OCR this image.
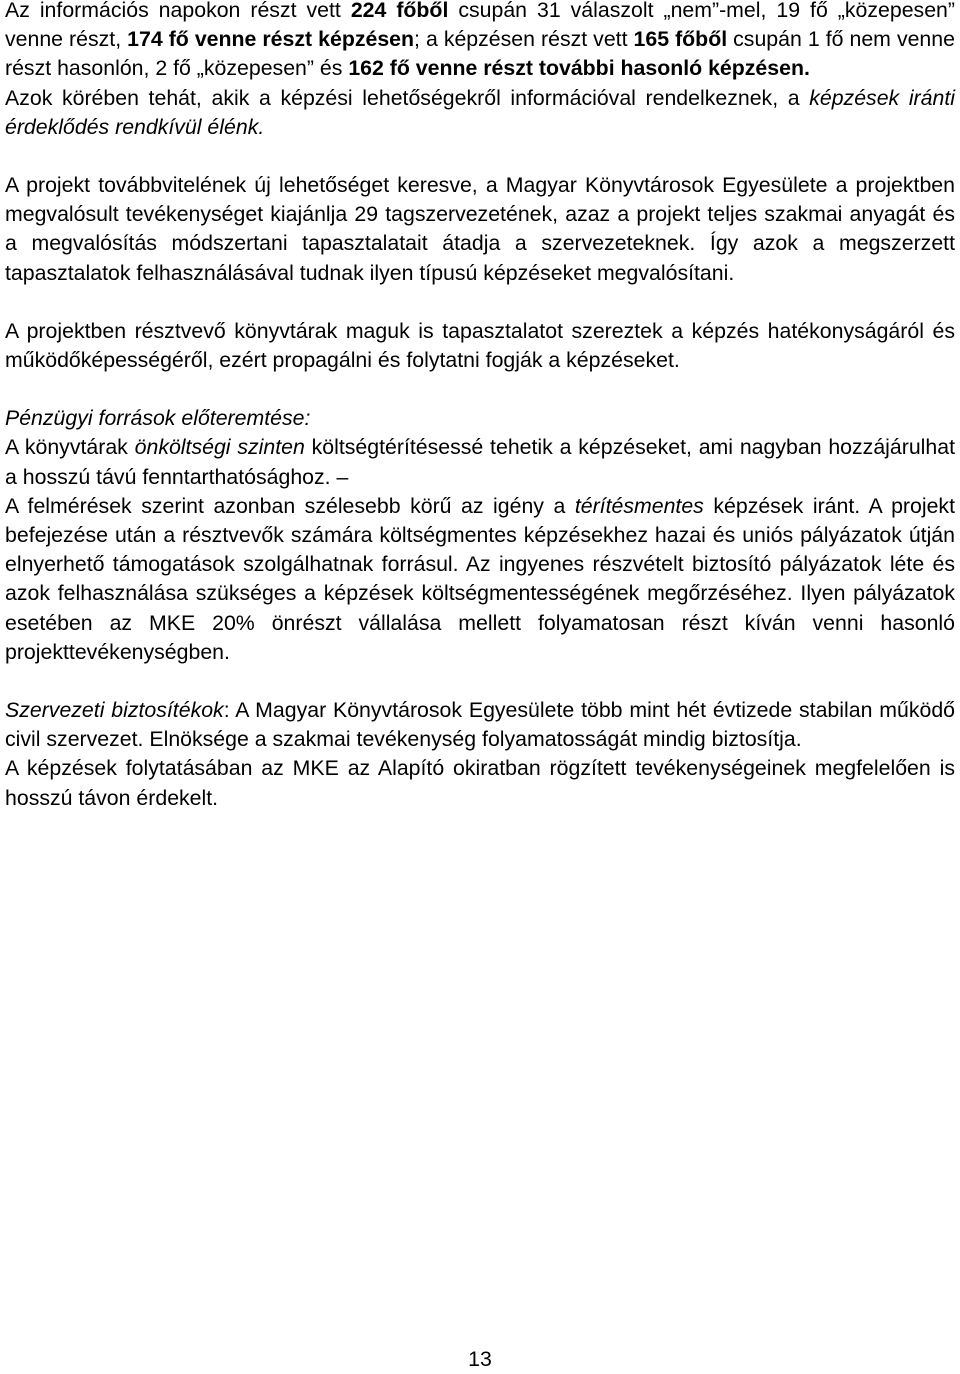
Az információs napokon részt vett 224 főből csupán 31 válaszolt „nem”-mel, 19 fő „közepesen” venne részt, 174 fő venne részt képzésen; a képzésen részt vett 165 főből csupán 1 fő nem venne részt hasonlón, 2 fő „közepesen” és 162 fő venne részt további hasonló képzésen.
Azok körében tehát, akik a képzési lehetőségekről információval rendelkeznek, a képzések iránti érdeklődés rendkívül élénk.

A projekt továbbvitelének új lehetőséget keresve, a Magyar Könyvtárosok Egyesülete a projektben megvalósult tevékenységet kiajánlja 29 tagszervezetének, azaz a projekt teljes szakmai anyagát és a megvalósítás módszertani tapasztalatait átadja a szervezeteknek. Így azok a megszerzett tapasztalatok felhasználásával tudnak ilyen típusú képzéseket megvalósítani.

A projektben résztvevő könyvtárak maguk is tapasztalatot szereztek a képzés hatékonyságáról és működőképességéről, ezért propagálni és folytatni fogják a képzéseket.

Pénzügyi források előteremtése:
A könyvtárak önköltségi szinten költségtérítésessé tehetik a képzéseket, ami nagyban hozzájárulhat a hosszú távú fenntarthatósághoz. –
A felmérések szerint azonban szélesebb körű az igény a térítésmentes képzések iránt. A projekt befejezése után a résztvevők számára költségmentes képzésekhez hazai és uniós pályázatok útján elnyerhető támogatások szolgálhatnak forrásul. Az ingyenes részvételt biztosító pályázatok léte és azok felhasználása szükséges a képzések költségmentességének megőrzéséhez. Ilyen pályázatok esetében az MKE 20% önrészt vállalása mellett folyamatosan részt kíván venni hasonló projekttevékenységben.

Szervezeti biztosítékok: A Magyar Könyvtárosok Egyesülete több mint hét évtizede stabilan működő civil szervezet. Elnöksége a szakmai tevékenység folyamatosságát mindig biztosítja.
A képzések folytatásában az MKE az Alapító okiratban rögzített tevékenységeinek megfelelően is hosszú távon érdekelt.

13
